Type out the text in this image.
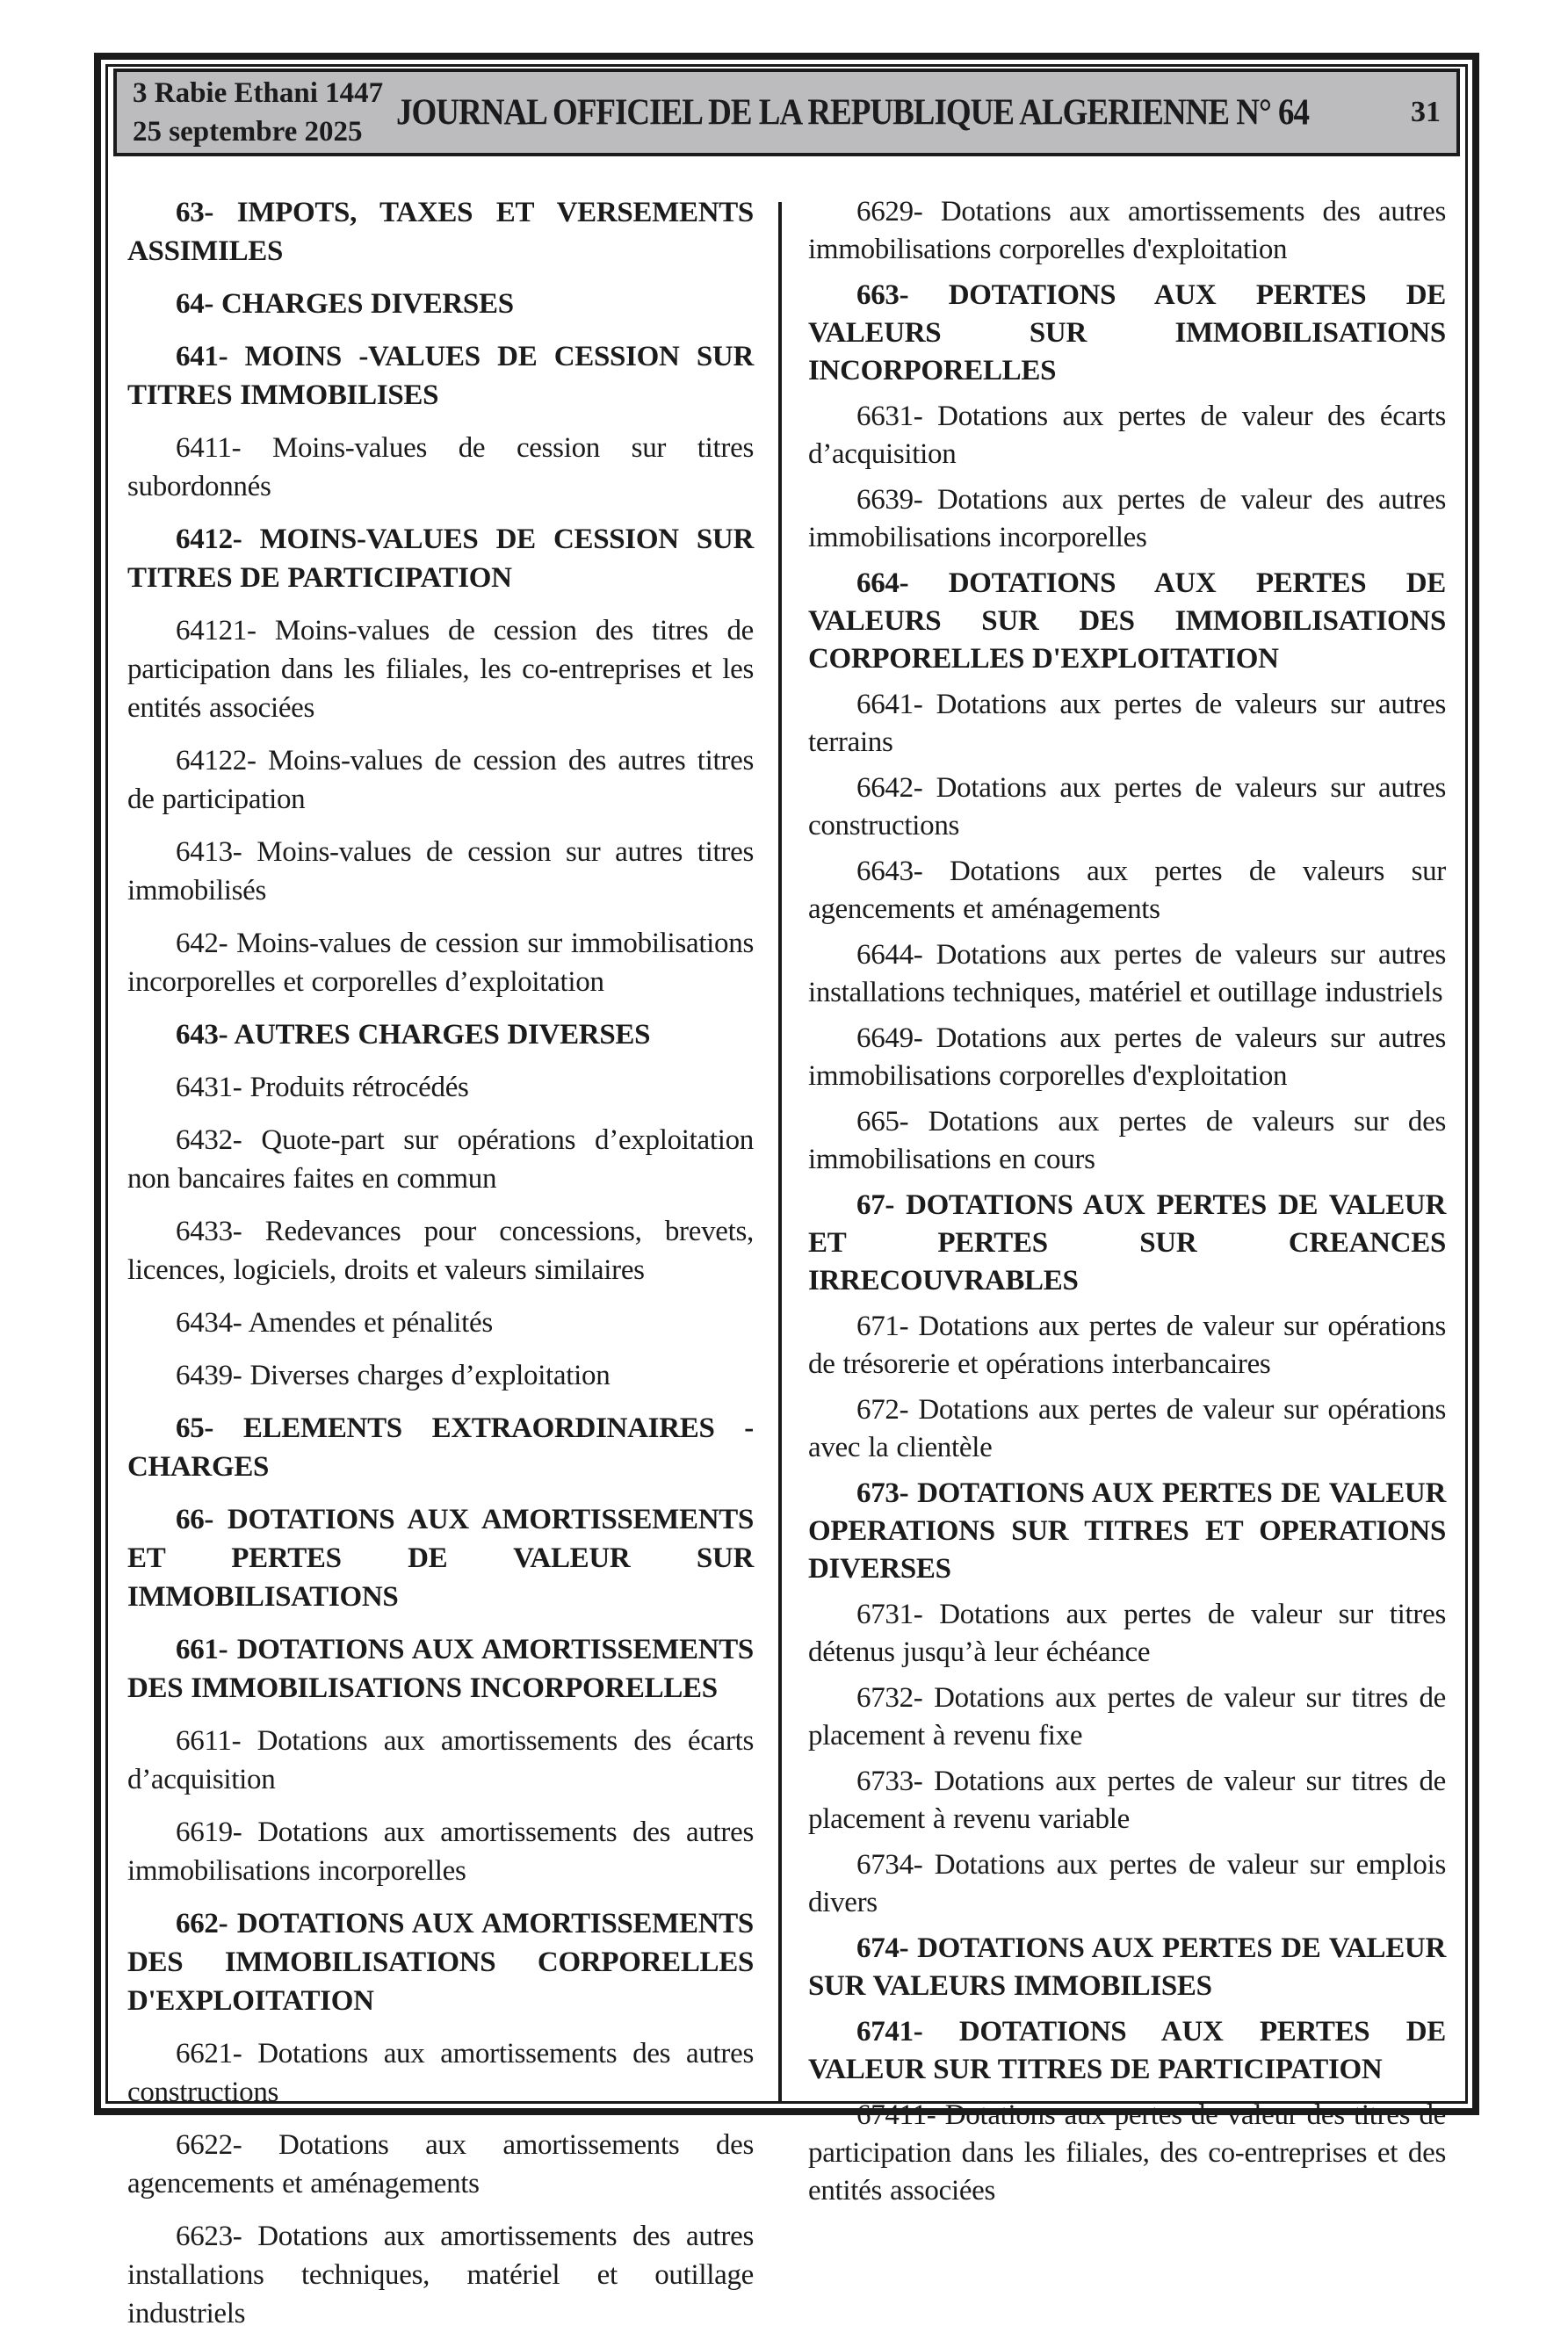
3 Rabie Ethani 1447
25 septembre 2025	JOURNAL OFFICIEL DE LA REPUBLIQUE ALGERIENNE N° 64	31

63- IMPOTS, TAXES ET VERSEMENTS ASSIMILES

64- CHARGES DIVERSES

641- MOINS -VALUES DE CESSION SUR TITRES IMMOBILISES

6411- Moins-values de cession sur titres subordonnés

6412- MOINS-VALUES DE CESSION SUR TITRES DE PARTICIPATION

64121- Moins-values de cession des titres de participation dans les filiales, les co-entreprises et les entités associées

64122- Moins-values de cession des autres titres de participation

6413- Moins-values de cession sur autres titres immobilisés

642- Moins-values de cession sur immobilisations incorporelles et corporelles d’exploitation

643- AUTRES CHARGES DIVERSES

6431- Produits rétrocédés

6432- Quote-part sur opérations d’exploitation non bancaires faites en commun

6433- Redevances pour concessions, brevets, licences, logiciels, droits et valeurs similaires

6434- Amendes et pénalités

6439- Diverses charges d’exploitation

65- ELEMENTS EXTRAORDINAIRES - CHARGES

66- DOTATIONS AUX AMORTISSEMENTS ET PERTES DE VALEUR SUR IMMOBILISATIONS

661- DOTATIONS AUX AMORTISSEMENTS DES IMMOBILISATIONS INCORPORELLES

6611- Dotations aux amortissements des écarts d’acquisition

6619- Dotations aux amortissements des autres immobilisations incorporelles

662- DOTATIONS AUX AMORTISSEMENTS DES IMMOBILISATIONS CORPORELLES D'EXPLOITATION

6621- Dotations aux amortissements des autres constructions

6622- Dotations aux amortissements des agencements et aménagements

6623- Dotations aux amortissements des autres installations techniques, matériel et outillage industriels

6629- Dotations aux amortissements des autres immobilisations corporelles d'exploitation

663- DOTATIONS AUX PERTES DE VALEURS SUR IMMOBILISATIONS INCORPORELLES

6631- Dotations aux pertes de valeur des écarts d’acquisition

6639- Dotations aux pertes de valeur des autres immobilisations incorporelles

664- DOTATIONS AUX PERTES DE VALEURS SUR DES IMMOBILISATIONS CORPORELLES D'EXPLOITATION

6641- Dotations aux pertes de valeurs sur autres terrains

6642- Dotations aux pertes de valeurs sur autres constructions

6643- Dotations aux pertes de valeurs sur agencements et aménagements

6644- Dotations aux pertes de valeurs sur autres installations techniques, matériel et outillage industriels

6649- Dotations aux pertes de valeurs sur autres immobilisations corporelles d'exploitation

665- Dotations aux pertes de valeurs sur des immobilisations en cours

67- DOTATIONS AUX PERTES DE VALEUR ET PERTES SUR CREANCES IRRECOUVRABLES

671- Dotations aux pertes de valeur sur opérations de trésorerie et opérations interbancaires

672- Dotations aux pertes de valeur sur opérations avec la clientèle

673- DOTATIONS AUX PERTES DE VALEUR OPERATIONS SUR TITRES ET OPERATIONS DIVERSES

6731- Dotations aux pertes de valeur sur titres détenus jusqu’à leur échéance

6732- Dotations aux pertes de valeur sur titres de placement à revenu fixe

6733- Dotations aux pertes de valeur sur titres de placement à revenu variable

6734- Dotations aux pertes de valeur sur emplois divers

674- DOTATIONS AUX PERTES DE VALEUR SUR VALEURS IMMOBILISES

6741- DOTATIONS AUX PERTES DE VALEUR SUR TITRES DE PARTICIPATION

67411- Dotations aux pertes de valeur des titres de participation dans les filiales, des co-entreprises et des entités associées
